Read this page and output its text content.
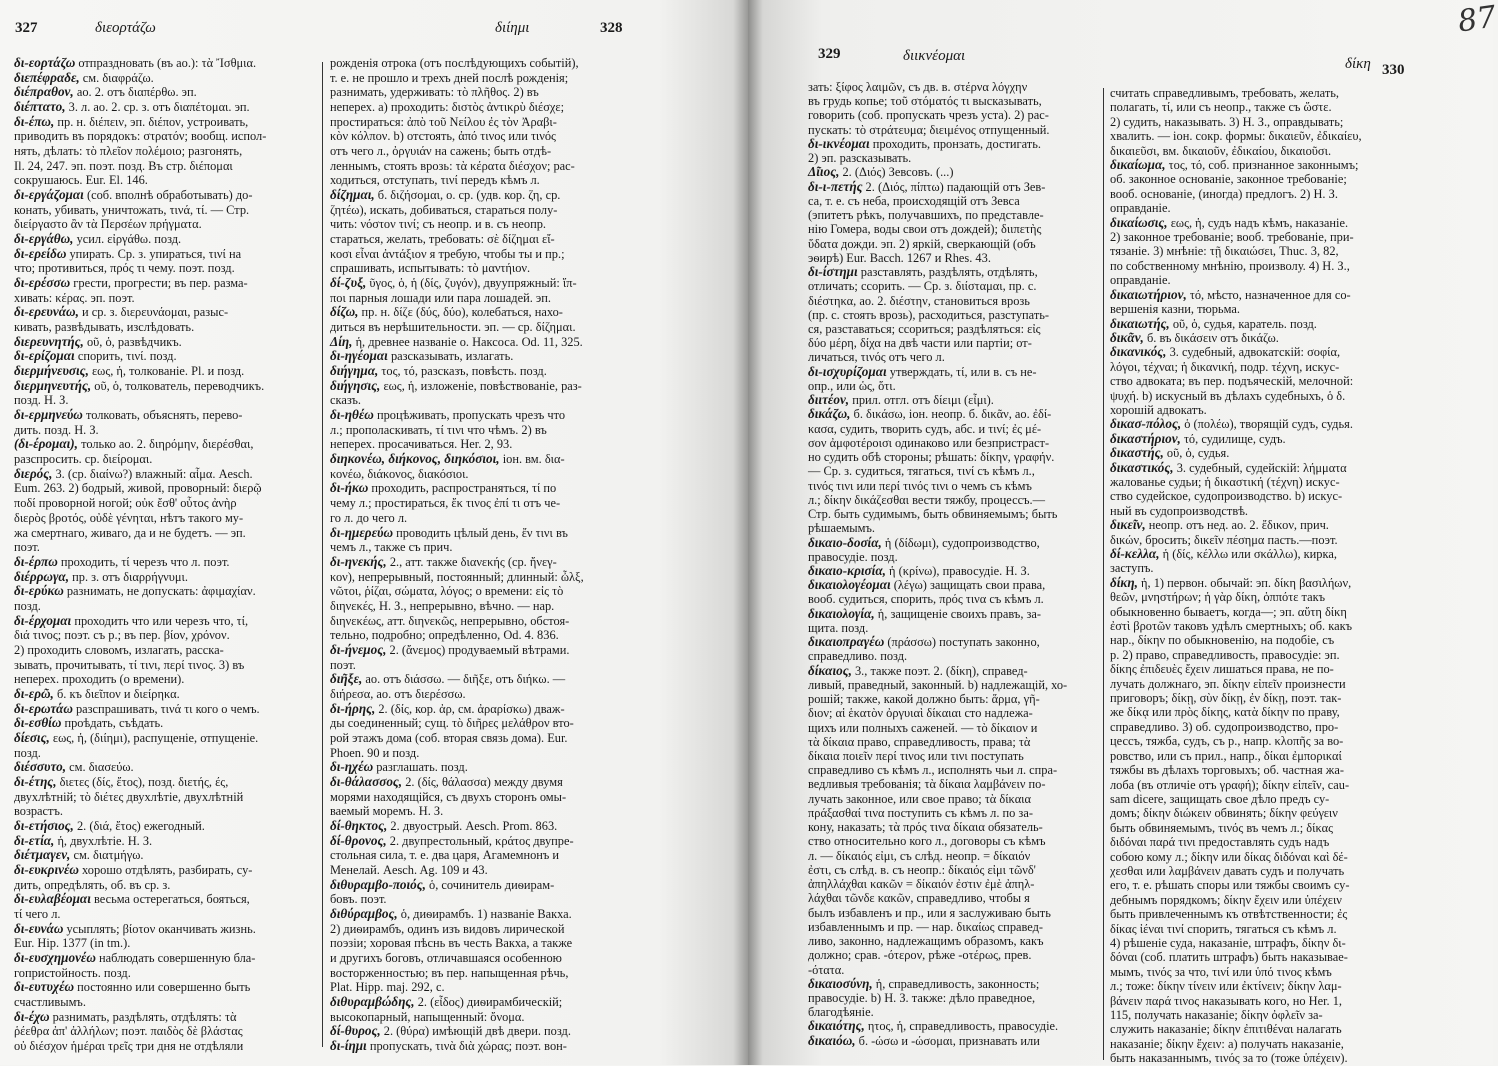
327	διεορτάζω	διίημι	328
329	διικνέομαι	δίκη 330
87
δι-εορτάζω отпраздновать (въ ао.): τὰ Ἴσθμια.
διεπέφραδε, см. διαφράζω.
διέπραθον, ао. 2. отъ διαπέρθω. эп.
διέπτατο, 3. л. ао. 2. ср. з. отъ διαπέτομαι. эп.
δι-έπω, пр. н. διέπειν, эп. διέπον, устроивать,
приводить въ порядокъ: στρατόν; вообщ. испол-
нять, дѣлать: τὸ πλεῖον πολέμοιο; разгонять,
Il. 24, 247. эп. поэт. позд. Въ стр. διέπομαι
сокрушаюсь. Eur. El. 146.
δι-εργάζομαι (соб. вполнѣ обработывать) до-
конать, убивать, уничтожать, τινά, τί. — Стр.
διείργαστο ἂν τὰ Περσέων πρήγματα.
δι-εργάθω, усил. εἰργάθω. позд.
δι-ερείδω упирать. Ср. з. упираться, τινί на
что; противиться, πρός τι чему. поэт. позд.
δι-ερέσσω грести, прогрести; въ пер. разма-
хивать: κέρας. эп. поэт.
δι-ερευνάω, и ср. з. διερευνάομαι, разыс-
кивать, развѣдывать, изслѣдовать.
διερευνητής, οῦ, ὁ, развѣдчикъ.
δι-ερίζομαι спорить, τινί. позд.
διερμήνευσις, εως, ἡ, толкованіе. Pl. и позд.
διερμηνευτής, οῦ, ὁ, толкователь, переводчикъ.
позд. Н. З.
δι-ερμηνεύω толковать, объяснять, перево-
дить. позд. Н. З.
(δι-έρομαι), только ао. 2. διηρόμην, διερέσθαι,
разспросить. ср. διείρομαι.
διερός, 3. (ср. διαίνω?) влажный: αἷμα. Aesch.
Eum. 263. 2) бодрый, живой, проворный: διερῷ
ποδί проворной ногой; οὐκ ἔσθ' οὗτος ἀνὴρ
διερὸς βροτός, οὐδὲ γένηται, нѣтъ такого му-
жа смертнаго, живаго, да и не будетъ. — эп.
поэт.
δι-έρπω проходить, τί черезъ что л. поэт.
διέρρωγα, пр. з. отъ διαρρήγνυμι.
δι-ερύκω разнимать, не допускать: ἀφιμαχίαν.
позд.
δι-έρχομαι проходить что или черезъ что, τί,
διά τινος; поэт. съ р.; въ пер. βίον, χρόνον.
2) проходить словомъ, излагать, расска-
зывать, прочитывать, τί τινι, περί τινος. 3) въ
неперех. проходить (о времени).
δι-ερῶ, б. къ διεῖπον и διείρηκα.
δι-ερωτάω разспрашивать, τινά τι кого о чемъ.
δι-εσθίω проѣдать, съѣдать.
δίεσις, εως, ἡ, (διίημι), распущеніе, отпущеніе.
позд.
διέσσυτο, см. διασεύω.
δι-έτης, διετες (δίς, ἔτος), позд. διετής, ές,
двухлѣтній; τὸ διέτες двухлѣтіе, двухлѣтній
возрастъ.
δι-ετήσιος, 2. (διά, ἔτος) ежегодный.
δι-ετία, ἡ, двухлѣтіе. Н. З.
διέτμαγεν, см. διατμήγω.
δι-ευκρινέω хорошо отдѣлять, разбирать, су-
дить, опредѣлять, об. въ ср. з.
δι-ευλαβέομαι весьма остерегаться, бояться,
τί чего л.
δι-ευνάω усыплять; βίοτον оканчивать жизнь.
Eur. Hip. 1377 (in tm.).
δι-ευσχημονέω наблюдать совершенную бла-
гопристойность. позд.
δι-ευτυχέω постоянно или совершенно быть
счастливымъ.
δι-έχω разнимать, раздѣлять, отдѣлять: τὰ
ῥέεθρα ἀπ' ἀλλήλων; поэт. παιδὸς δὲ βλάστας
οὐ διέσχον ἡμέραι τρεῖς три дня не отдѣляли
рожденія отрока (отъ послѣдующихъ событій),
т. е. не прошло и трехъ дней послѣ рожденія;
разнимать, удерживать: τὸ πλῆθος. 2) въ
неперех. а) проходить: διστὸς ἀντικρὺ διέσχε;
простираться: ἀπὸ τοῦ Νείλου ἐς τὸν Ἀραβι-
κὸν κόλπον. b) отстоять, ἀπό τινος или τινός
отъ чего л., ὀργυιάν на сажень; быть отдѣ-
леннымъ, стоять врозь: τὰ κέρατα διέσχον; рас-
ходиться, отступать, τινί передъ кѣмъ л.
δίζημαι, б. διζήσομαι, о. ср. (удв. кор. ζη, ср.
ζητέω), искать, добиваться, стараться полу-
чить: νόστον τινί; съ неопр. и в. съ неопр.
стараться, желать, требовать: σὲ δίζημαι εἴ-
κοσι εἶναι ἀντάξιον я требую, чтобы ты и пр.;
спрашивать, испытывать: τὸ μαντήιον.
δί-ζυξ, ῦγος, ὁ, ἡ (δίς, ζυγόν), двуупряжный: ἵπ-
ποι парныя лошади или пара лошадей. эп.
δίζω, пр. н. δίζε (δύς, δύο), колебаться, нахо-
диться въ нерѣшительности. эп. — ср. δίζημαι.
Δίη, ἡ, древнее названіе о. Наксоса. Od. 11, 325.
δι-ηγέομαι разсказывать, излагать.
διήγημα, τος, τό, разсказъ, повѣсть. позд.
διήγησις, εως, ἡ, изложеніе, повѣствованіе, раз-
сказъ.
δι-ηθέω процѣживать, пропускать чрезъ что
л.; прополаскивать, τί τινι что чѣмъ. 2) въ
неперех. просачиваться. Her. 2, 93.
διηκονέω, διήκονος, διηκόσιοι, іон. вм. δια-
κονέω, διάκονος, διακόσιοι.
δι-ήκω проходить, распространяться, τί по
чему л.; простираться, ἔκ τινος ἐπί τι отъ че-
го л. до чего л.
δι-ημερεύω проводить цѣлый день, ἔν τινι въ
чемъ л., также съ прич.
δι-ηνεκής, 2., атт. также διανεκής (ср. ἤνεγ-
κον), непрерывный, постоянный; длинный: ὦλξ,
νῶτοι, ῥίζαι, σώματα, λόγος; о времени: εἰς τὸ
διηνεκές, Н. З., непрерывно, вѣчно. — нар.
διηνεκέως, атт. διηνεκῶς, непрерывно, обстоя-
тельно, подробно; опредѣленно, Od. 4. 836.
δι-ήνεμος, 2. (ἄνεμος) продуваемый вѣтрами.
поэт.
διῆξε, ао. отъ διάσσω. — διῆξε, отъ διήκω. —
διήρεσα, ао. отъ διερέσσω.
δι-ήρης, 2. (δίς, кор. ἀρ, см. ἀραρίσκω) дваж-
ды соединенный; сущ. τὸ διῆρες μελάθρον вто-
рой этажъ дома (соб. вторая связь дома). Eur.
Phoen. 90 и позд.
δι-ηχέω разглашать. позд.
δι-θάλασσος, 2. (δίς, θάλασσα) между двумя
морями находящійся, съ двухъ сторонъ омы-
ваемый моремъ. Н. З.
δί-θηκτος, 2. двуострый. Aesch. Prom. 863.
δί-θρονος, 2. двупрестольный, κράτος двупре-
стольная сила, т. е. два царя, Агамемнонъ и
Менелай. Aesch. Ag. 109 и 43.
διθυραμβο-ποιός, ὁ, сочинитель диѳирам-
бовъ. поэт.
διθύραμβος, ὁ, диѳирамбъ. 1) названіе Вакха.
2) диѳирамбъ, одинъ изъ видовъ лирической
поэзіи; хоровая пѣснь въ честь Вакха, а также
и другихъ боговъ, отличавшаяся особенною
восторженностью; въ пер. напыщенная рѣчь,
Plat. Hipp. maj. 292, c.
διθυραμβώδης, 2. (εἶδος) диѳирамбическій;
высокопарный, напыщенный: ὄνομα.
δί-θυρος, 2. (θύρα) имѣющій двѣ двери. позд.
δι-ίημι пропускать, τινὰ διὰ χώρας; поэт. вон-
зать: ξίφος λαιμῶν, съ дв. в. στέρνα λόγχην
въ грудь копье; τοῦ στόματός τι высказывать,
говорить (соб. пропускать чрезъ уста). 2) рас-
пускать: τὸ στράτευμα; διειμένος отпущенный.
δι-ικνέομαι проходить, пронзать, достигать.
2) эп. разсказывать.
Δῖιος, 2. (Διός) Зевсовъ. (...)
δι-ι-πετής 2. (Διός, πίπτω) падающій отъ Зев-
са, т. е. съ неба, происходящій отъ Зевса
(эпитетъ рѣкъ, получавшихъ, по представле-
нію Гомера, воды свои отъ дождей); διιπετὴς
ὕδατα дожди. эп. 2) яркій, сверкающій (объ
эѳирѣ) Eur. Bacch. 1267 и Rhes. 43.
δι-ίστημι разставлять, раздѣлять, отдѣлять,
отличать; ссорить. — Ср. з. διίσταμαι, пр. с.
διέστηκα, ао. 2. διέστην, становиться врозь
(пр. с. стоять врозь), расходиться, разступать-
ся, разставаться; ссориться; раздѣляться: εἰς
δύο μέρη, δίχα на двѣ части или партіи; от-
личаться, τινός отъ чего л.
δι-ισχυρίζομαι утверждать, τί, или в. съ не-
опр., или ὡς, ὅτι.
διιτέον, прил. отгл. отъ δίειμι (εἶμι).
δικάζω, б. δικάσω, іон. неопр. б. δικᾶν, ао. ἐδί-
κασα, судить, творить судъ, абс. и τινί; ἐς μέ-
σον ἀμφοτέροισι одинаково или безпристраст-
но судить обѣ стороны; рѣшать: δίκην, γραφήν.
— Ср. з. судиться, тягаться, τινί съ кѣмъ л.,
τινός τινι или περί τινός τινι о чемъ съ кѣмъ
л.; δίκην δικάζεσθαι вести тяжбу, процессъ.—
Стр. быть судимымъ, быть обвиняемымъ; быть
рѣшаемымъ.
δικαιο-δοσία, ἡ (δίδωμι), судопроизводство,
правосудіе. позд.
δικαιο-κρισία, ἡ (κρίνω), правосудіе. Н. З.
δικαιολογέομαι (λέγω) защищать свои права,
вооб. судиться, спорить, πρός τινα съ кѣмъ л.
δικαιολογία, ἡ, защищеніе своихъ правъ, за-
щита. позд.
δικαιοπραγέω (πράσσω) поступать законно,
справедливо. позд.
δίκαιος, 3., также поэт. 2. (δίκη), справед-
ливый, праведный, законный. b) надлежащій, хо-
рошій; также, какой должно быть: ἅρμα, γῆ-
διον; αἱ ἑκατὸν ὀργυιαὶ δίκαιαι сто надлежа-
щихъ или полныхъ саженей. — τὸ δίκαιον и
τὰ δίκαια право, справедливость, права; τὰ
δίκαια ποιεῖν περί τινος или τινι поступать
справедливо съ кѣмъ л., исполнять чьи л. спра-
ведливыя требованія; τὰ δίκαια λαμβάνειν по-
лучать законное, или свое право; τὰ δίκαια
πράξασθαί τινα поступить съ кѣмъ л. по за-
кону, наказать; τὰ πρός τινα δίκαια обязатель-
ство относительно кого л., договоры съ кѣмъ
л. — δίκαιός εἰμι, съ слѣд. неопр. = δίκαιόν
ἐστι, съ слѣд. в. съ неопр.: δίκαιός εἰμι τῶνδ'
ἀπηλλάχθαι κακῶν = δίκαιόν ἐστιν ἐμὲ ἀπηλ-
λάχθαι τῶνδε κακῶν, справедливо, чтобы я
былъ избавленъ и пр., или я заслуживаю быть
избавленнымъ и пр. — нар. δικαίως справед-
ливо, законно, надлежащимъ образомъ, какъ
должно; срав. -ότερον, рѣже -οτέρως, прев.
-ότατα.
δικαιοσύνη, ἡ, справедливость, законность;
правосудіе. b) Н. З. также: дѣло праведное,
благодѣяніе.
δικαιότης, ητος, ἡ, справедливость, правосудіе.
δικαιόω, б. -ώσω и -ώσομαι, признавать или
считать справедливымъ, требовать, желать,
полагать, τί, или съ неопр., также съ ὥστε.
2) судить, наказывать. 3) Н. З., оправдывать;
хвалить. — іон. сокр. формы: δικαιεῦν, ἐδικαίευ,
δικαιεῦσι, вм. δικαιοῦν, ἐδικαίου, δικαιοῦσι.
δικαίωμα, τος, τό, соб. признанное законнымъ;
об. законное основаніе, законное требованіе;
вооб. основаніе, (иногда) предлогъ. 2) Н. З.
оправданіе.
δικαίωσις, εως, ἡ, судъ надъ кѣмъ, наказаніе.
2) законное требованіе; вооб. требованіе, при-
тязаніе. 3) мнѣніе: τῇ δικαιώσει, Thuc. 3, 82,
по собственному мнѣнію, произволу. 4) Н. З.,
оправданіе.
δικαιωτήριον, τό, мѣсто, назначенное для со-
вершенія казни, тюрьма.
δικαιωτής, οῦ, ὁ, судья, каратель. позд.
δικᾶν, б. въ δικάσειν отъ δικάζω.
δικανικός, 3. судебный, адвокатскій: σοφία,
λόγοι, τέχναι; ἡ δικανική, подр. τέχνη, искус-
ство адвоката; въ пер. подъяческій, мелочной:
ψυχή. b) искусный въ дѣлахъ судебныхъ, ὁ δ.
хорошій адвокатъ.
δικασ-πόλος, ὁ (πολέω), творящій судъ, судья.
δικαστήριον, τό, судилище, судъ.
δικαστής, οῦ, ὁ, судья.
δικαστικός, 3. судебный, судейскій: λήμματα
жалованье судьи; ἡ δικαστική (τέχνη) искус-
ство судейское, судопроизводство. b) искус-
ный въ судопроизводствѣ.
δικεῖν, неопр. отъ нед. ао. 2. ἔδικον, прич.
δικών, бросить; δικεῖν πέσημα пасть.—поэт.
δί-κελλα, ἡ (δίς, κέλλω или σκάλλω), кирка,
заступъ.
δίκη, ἡ, 1) первон. обычай: эп. δίκη βασιλήων,
θεῶν, μνηστήρων; ἡ γὰρ δίκη, ὁππότε такъ
обыкновенно бываетъ, когда—; эп. αὕτη δίκη
ἐστὶ βροτῶν таковъ удѣлъ смертныхъ; об. какъ
нар., δίκην по обыкновенію, на подобіе, съ
р. 2) право, справедливость, правосудіе: эп.
δίκης ἐπιδευὲς ἔχειν лишаться права, не по-
лучать должнаго, эп. δίκην εἰπεῖν произнести
приговоръ; δίκῃ, σὺν δίκῃ, ἐν δίκῃ, поэт. так-
же δίκᾳ или πρὸς δίκης, κατὰ δίκην по праву,
справедливо. 3) об. судопроизводство, про-
цессъ, тяжба, судъ, съ р., напр. κλοπῆς за во-
ровство, или съ прил., напр., δίκαι ἐμπορικαί
тяжбы въ дѣлахъ торговыхъ; об. частная жа-
лоба (въ отличіе отъ γραφή); δίκην εἰπεῖν, cau-
sam dicere, защищать свое дѣло предъ су-
домъ; δίκην διώκειν обвинять; δίκην φεύγειν
быть обвиняемымъ, τινός въ чемъ л.; δίκας
διδόναι παρά τινι предоставлять судъ надъ
собою кому л.; δίκην или δίκας διδόναι καὶ δέ-
χεσθαι или λαμβάνειν давать судъ и получать
его, т. е. рѣшать споры или тяжбы своимъ су-
дебнымъ порядкомъ; δίκην ἔχειν или ὑπέχειν
быть привлеченнымъ къ отвѣтственности; ἐς
δίκας ἰέναι τινί спорить, тягаться съ кѣмъ л.
4) рѣшеніе суда, наказаніе, штрафъ, δίκην δι-
δόναι (соб. платить штрафъ) быть наказывае-
мымъ, τινός за что, τινί или ὑπό τινος кѣмъ
л.; тоже: δίκην τίνειν или ἐκτίνειν; δίκην λαμ-
βάνειν παρά τινος наказывать кого, но Her. 1,
115, получать наказаніе; δίκην ὀφλεῖν за-
служить наказаніе; δίκην ἐπιτιθέναι налагать
наказаніе; δίκην ἔχειν: a) получать наказаніе,
быть наказаннымъ, τινός за то (тоже ὑπέχειν).
